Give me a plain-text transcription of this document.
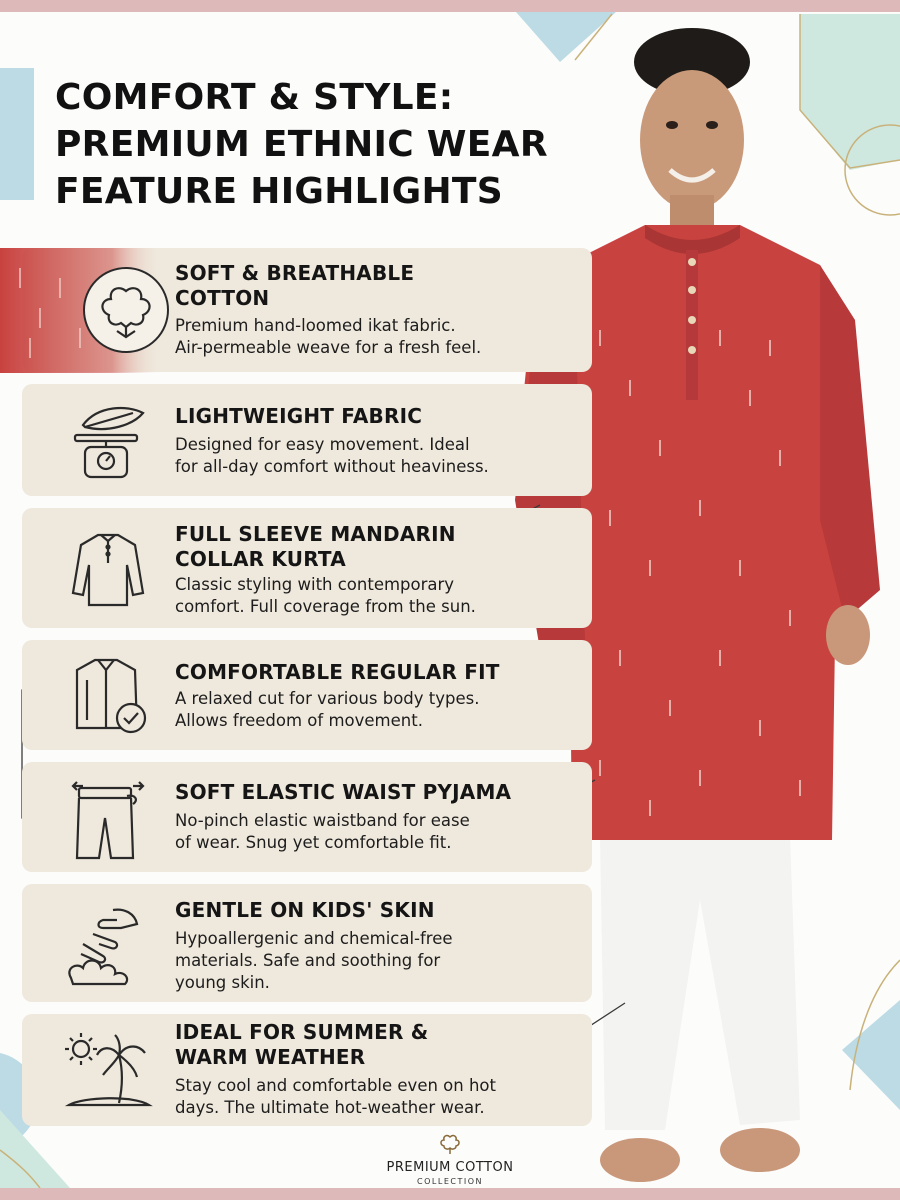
COMFORT & STYLE:
PREMIUM ETHNIC WEAR
FEATURE HIGHLIGHTS
SOFT & BREATHABLE
COTTON
Premium hand-loomed ikat fabric.
Air-permeable weave for a fresh feel.
LIGHTWEIGHT FABRIC
Designed for easy movement. Ideal
for all-day comfort without heaviness.
FULL SLEEVE MANDARIN
COLLAR KURTA
Classic styling with contemporary
comfort. Full coverage from the sun.
COMFORTABLE REGULAR FIT
A relaxed cut for various body types.
Allows freedom of movement.
SOFT ELASTIC WAIST PYJAMA
No-pinch elastic waistband for ease
of wear. Snug yet comfortable fit.
GENTLE ON KIDS' SKIN
Hypoallergenic and chemical-free
materials. Safe and soothing for
young skin.
IDEAL FOR SUMMER &
WARM WEATHER
Stay cool and comfortable even on hot
days. The ultimate hot-weather wear.
PREMIUM COTTON
COLLECTION
